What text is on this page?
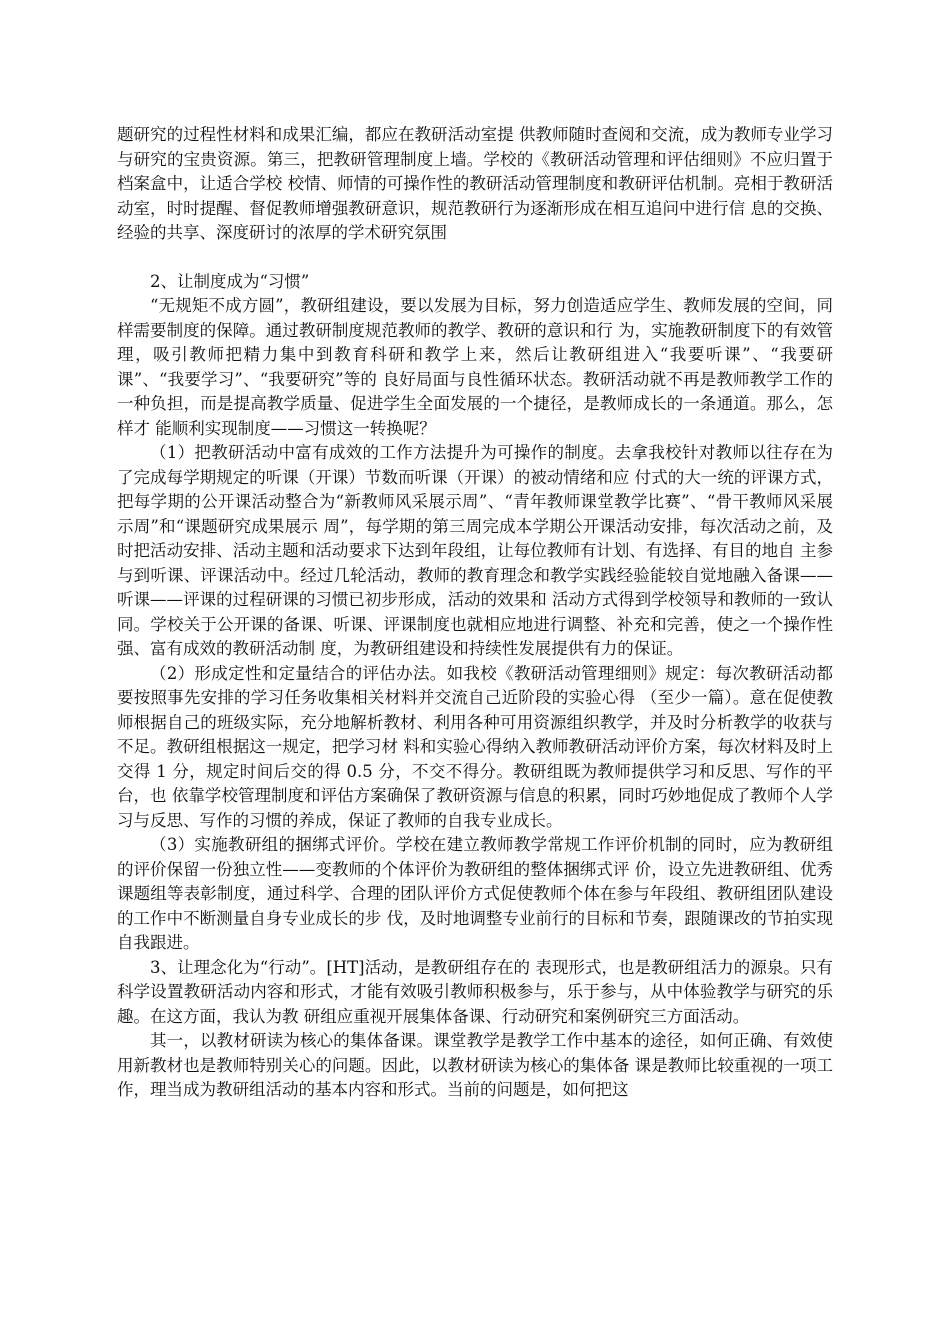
题研究的过程性材料和成果汇编，都应在教研活动室提 供教师随时查阅和交流，成为教师专业学习与研究的宝贵资源。第三，把教研管理制度上墙。学校的《教研活动管理和评估细则》不应归置于档案盒中，让适合学校 校情、师情的可操作性的教研活动管理制度和教研评估机制。亮相于教研活动室，时时提醒、督促教师增强教研意识，规范教研行为逐渐形成在相互追问中进行信 息的交换、经验的共享、深度研讨的浓厚的学术研究氛围

2、让制度成为“习惯”

“无规矩不成方圆”，教研组建设，要以发展为目标，努力创造适应学生、教师发展的空间，同样需要制度的保障。通过教研制度规范教师的教学、教研的意识和行 为，实施教研制度下的有效管理，吸引教师把精力集中到教育科研和教学上来，然后让教研组进入“我要听课”、“我要研课”、“我要学习”、“我要研究”等的 良好局面与良性循环状态。教研活动就不再是教师教学工作的一种负担，而是提高教学质量、促进学生全面发展的一个捷径，是教师成长的一条通道。那么，怎样才 能顺利实现制度——习惯这一转换呢？

（1）把教研活动中富有成效的工作方法提升为可操作的制度。去拿我校针对教师以往存在为了完成每学期规定的听课（开课）节数而听课（开课）的被动情绪和应 付式的大一统的评课方式，把每学期的公开课活动整合为“新教师风采展示周”、“青年教师课堂教学比赛”、“骨干教师风采展示周”和“课题研究成果展示 周”，每学期的第三周完成本学期公开课活动安排，每次活动之前，及时把活动安排、活动主题和活动要求下达到年段组，让每位教师有计划、有选择、有目的地自 主参与到听课、评课活动中。经过几轮活动，教师的教育理念和教学实践经验能较自觉地融入备课——听课——评课的过程研课的习惯已初步形成，活动的效果和 活动方式得到学校领导和教师的一致认同。学校关于公开课的备课、听课、评课制度也就相应地进行调整、补充和完善，使之一个操作性强、富有成效的教研活动制 度，为教研组建设和持续性发展提供有力的保证。

（2）形成定性和定量结合的评估办法。如我校《教研活动管理细则》规定：每次教研活动都要按照事先安排的学习任务收集相关材料并交流自己近阶段的实验心得 （至少一篇）。意在促使教师根据自己的班级实际，充分地解析教材、利用各种可用资源组织教学，并及时分析教学的收获与不足。教研组根据这一规定，把学习材 料和实验心得纳入教师教研活动评价方案，每次材料及时上交得 1 分，规定时间后交的得 0.5 分，不交不得分。教研组既为教师提供学习和反思、写作的平台，也 依靠学校管理制度和评估方案确保了教研资源与信息的积累，同时巧妙地促成了教师个人学习与反思、写作的习惯的养成，保证了教师的自我专业成长。

（3）实施教研组的捆绑式评价。学校在建立教师教学常规工作评价机制的同时，应为教研组的评价保留一份独立性——变教师的个体评价为教研组的整体捆绑式评 价，设立先进教研组、优秀课题组等表彰制度，通过科学、合理的团队评价方式促使教师个体在参与年段组、教研组团队建设的工作中不断测量自身专业成长的步 伐，及时地调整专业前行的目标和节奏，跟随课改的节拍实现自我跟进。

3、让理念化为“行动”。[HT]活动，是教研组存在的 表现形式，也是教研组活力的源泉。只有科学设置教研活动内容和形式，才能有效吸引教师积极参与，乐于参与，从中体验教学与研究的乐趣。在这方面，我认为教 研组应重视开展集体备课、行动研究和案例研究三方面活动。

其一，以教材研读为核心的集体备课。课堂教学是教学工作中基本的途径，如何正确、有效使用新教材也是教师特别关心的问题。因此，以教材研读为核心的集体备 课是教师比较重视的一项工作，理当成为教研组活动的基本内容和形式。当前的问题是，如何把这
